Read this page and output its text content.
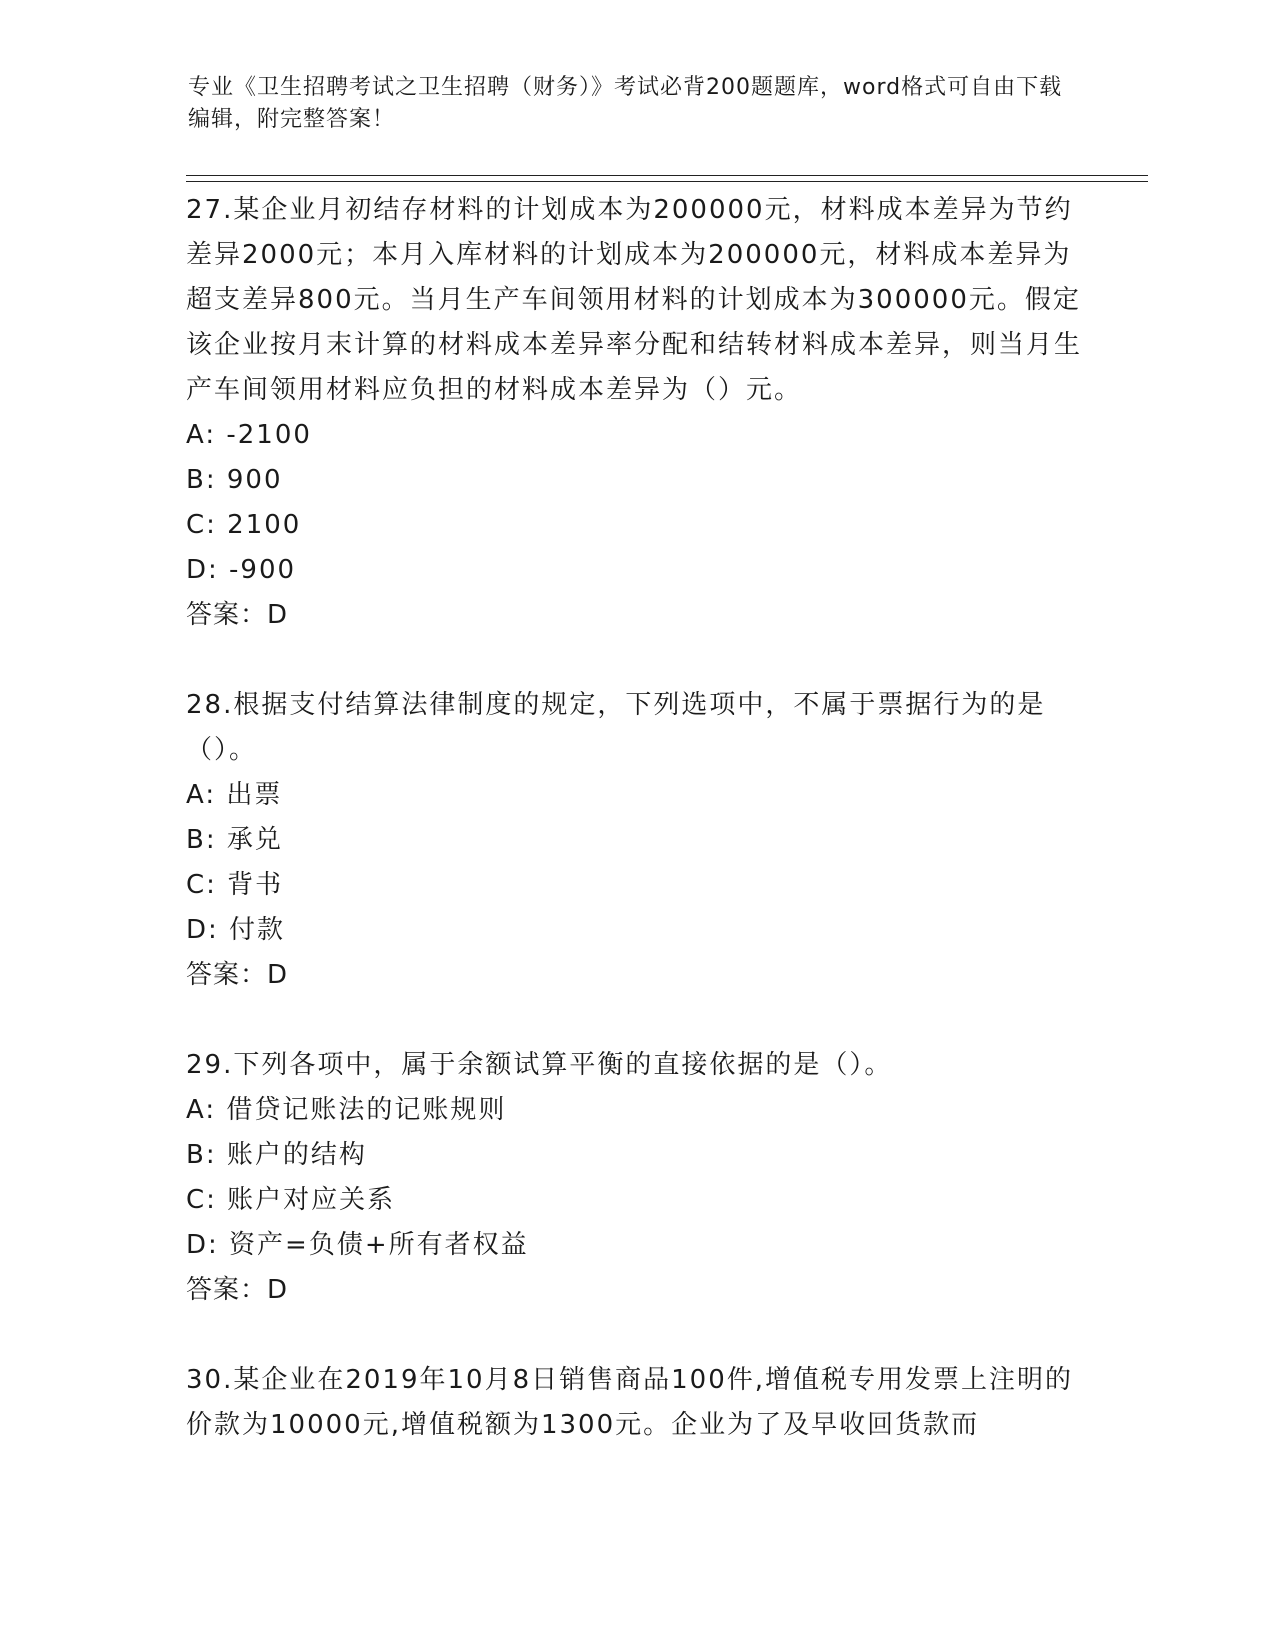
专业《卫生招聘考试之卫生招聘（财务）》考试必背200题题库，word格式可自由下载编辑，附完整答案！
27.某企业月初结存材料的计划成本为200000元，材料成本差异为节约差异2000元；本月入库材料的计划成本为200000元，材料成本差异为超支差异800元。当月生产车间领用材料的计划成本为300000元。假定该企业按月末计算的材料成本差异率分配和结转材料成本差异，则当月生产车间领用材料应负担的材料成本差异为（）元。
A: -2100
B: 900
C: 2100
D: -900
答案：D
28.根据支付结算法律制度的规定，下列选项中，不属于票据行为的是（）。
A: 出票
B: 承兑
C: 背书
D: 付款
答案：D
29.下列各项中，属于余额试算平衡的直接依据的是（）。
A: 借贷记账法的记账规则
B: 账户的结构
C: 账户对应关系
D: 资产=负债+所有者权益
答案：D
30.某企业在2019年10月8日销售商品100件,增值税专用发票上注明的价款为10000元,增值税额为1300元。企业为了及早收回货款而
